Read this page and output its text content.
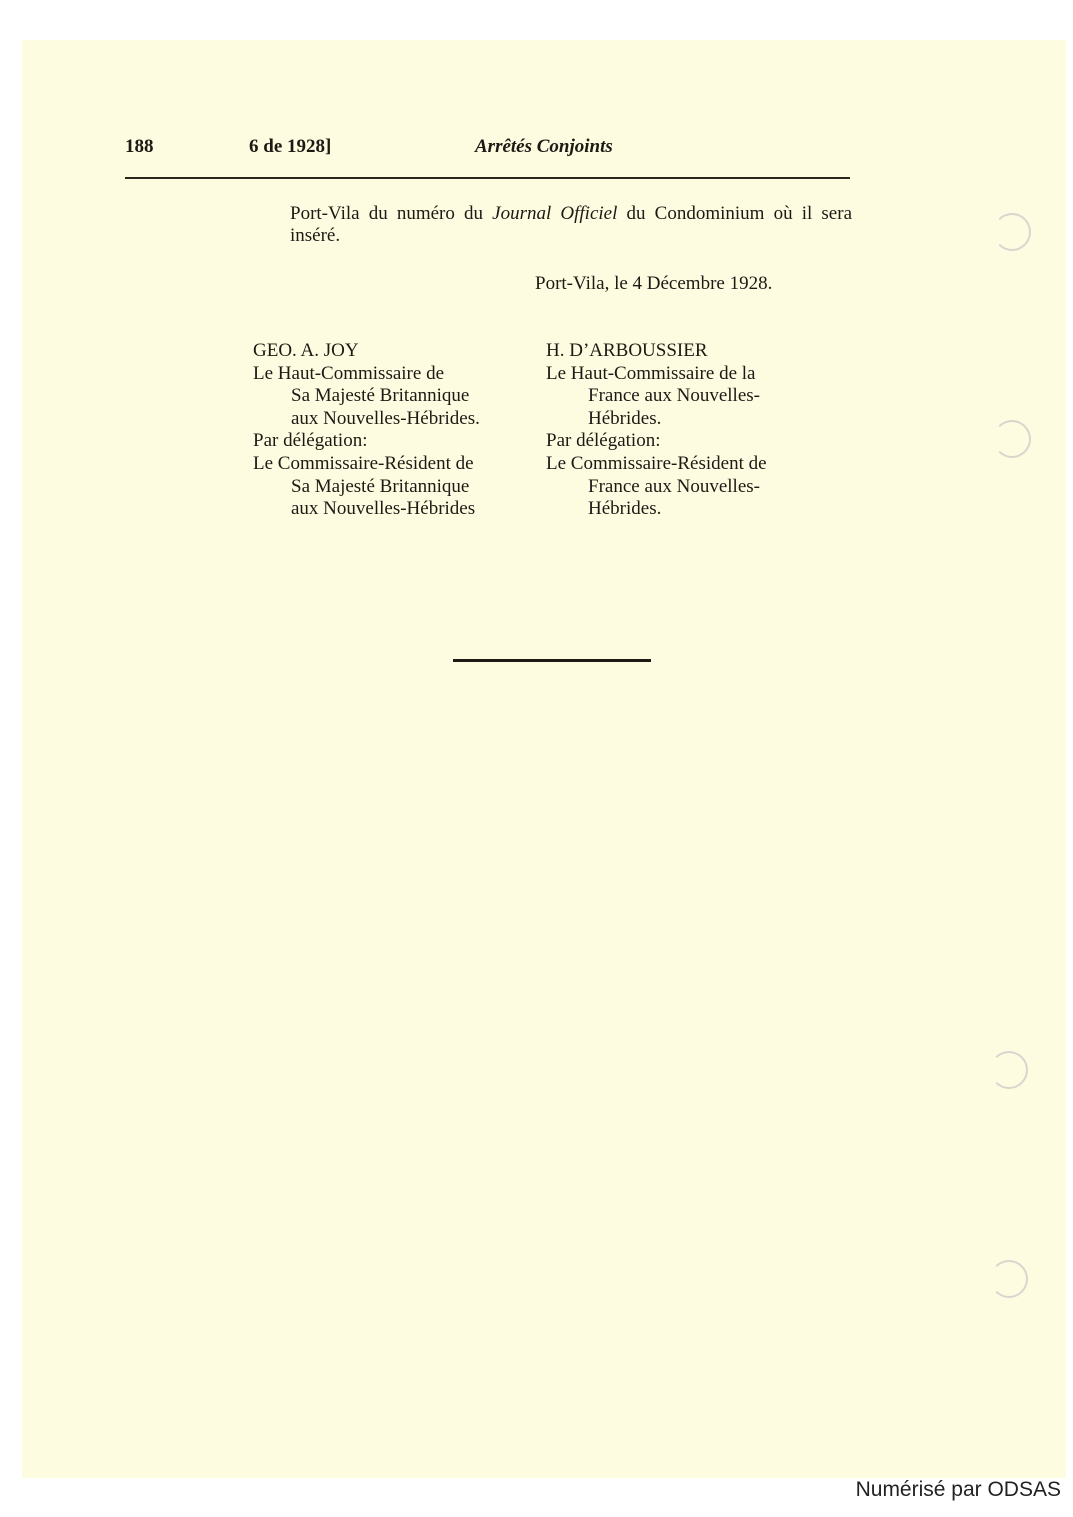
188	6 de 1928]	Arrêtés Conjoints
Port-Vila du numéro du Journal Officiel du Condominium où il sera inséré.
Port-Vila, le 4 Décembre 1928.
GEO. A. JOY
Le Haut-Commissaire de
Sa Majesté Britannique
aux Nouvelles-Hébrides.
Par délégation:
Le Commissaire-Résident de
Sa Majesté Britannique
aux Nouvelles-Hébrides
H. D’ARBOUSSIER
Le Haut-Commissaire de la
France aux Nouvelles-
Hébrides.
Par délégation:
Le Commissaire-Résident de
France aux Nouvelles-
Hébrides.
Numérisé par ODSAS
